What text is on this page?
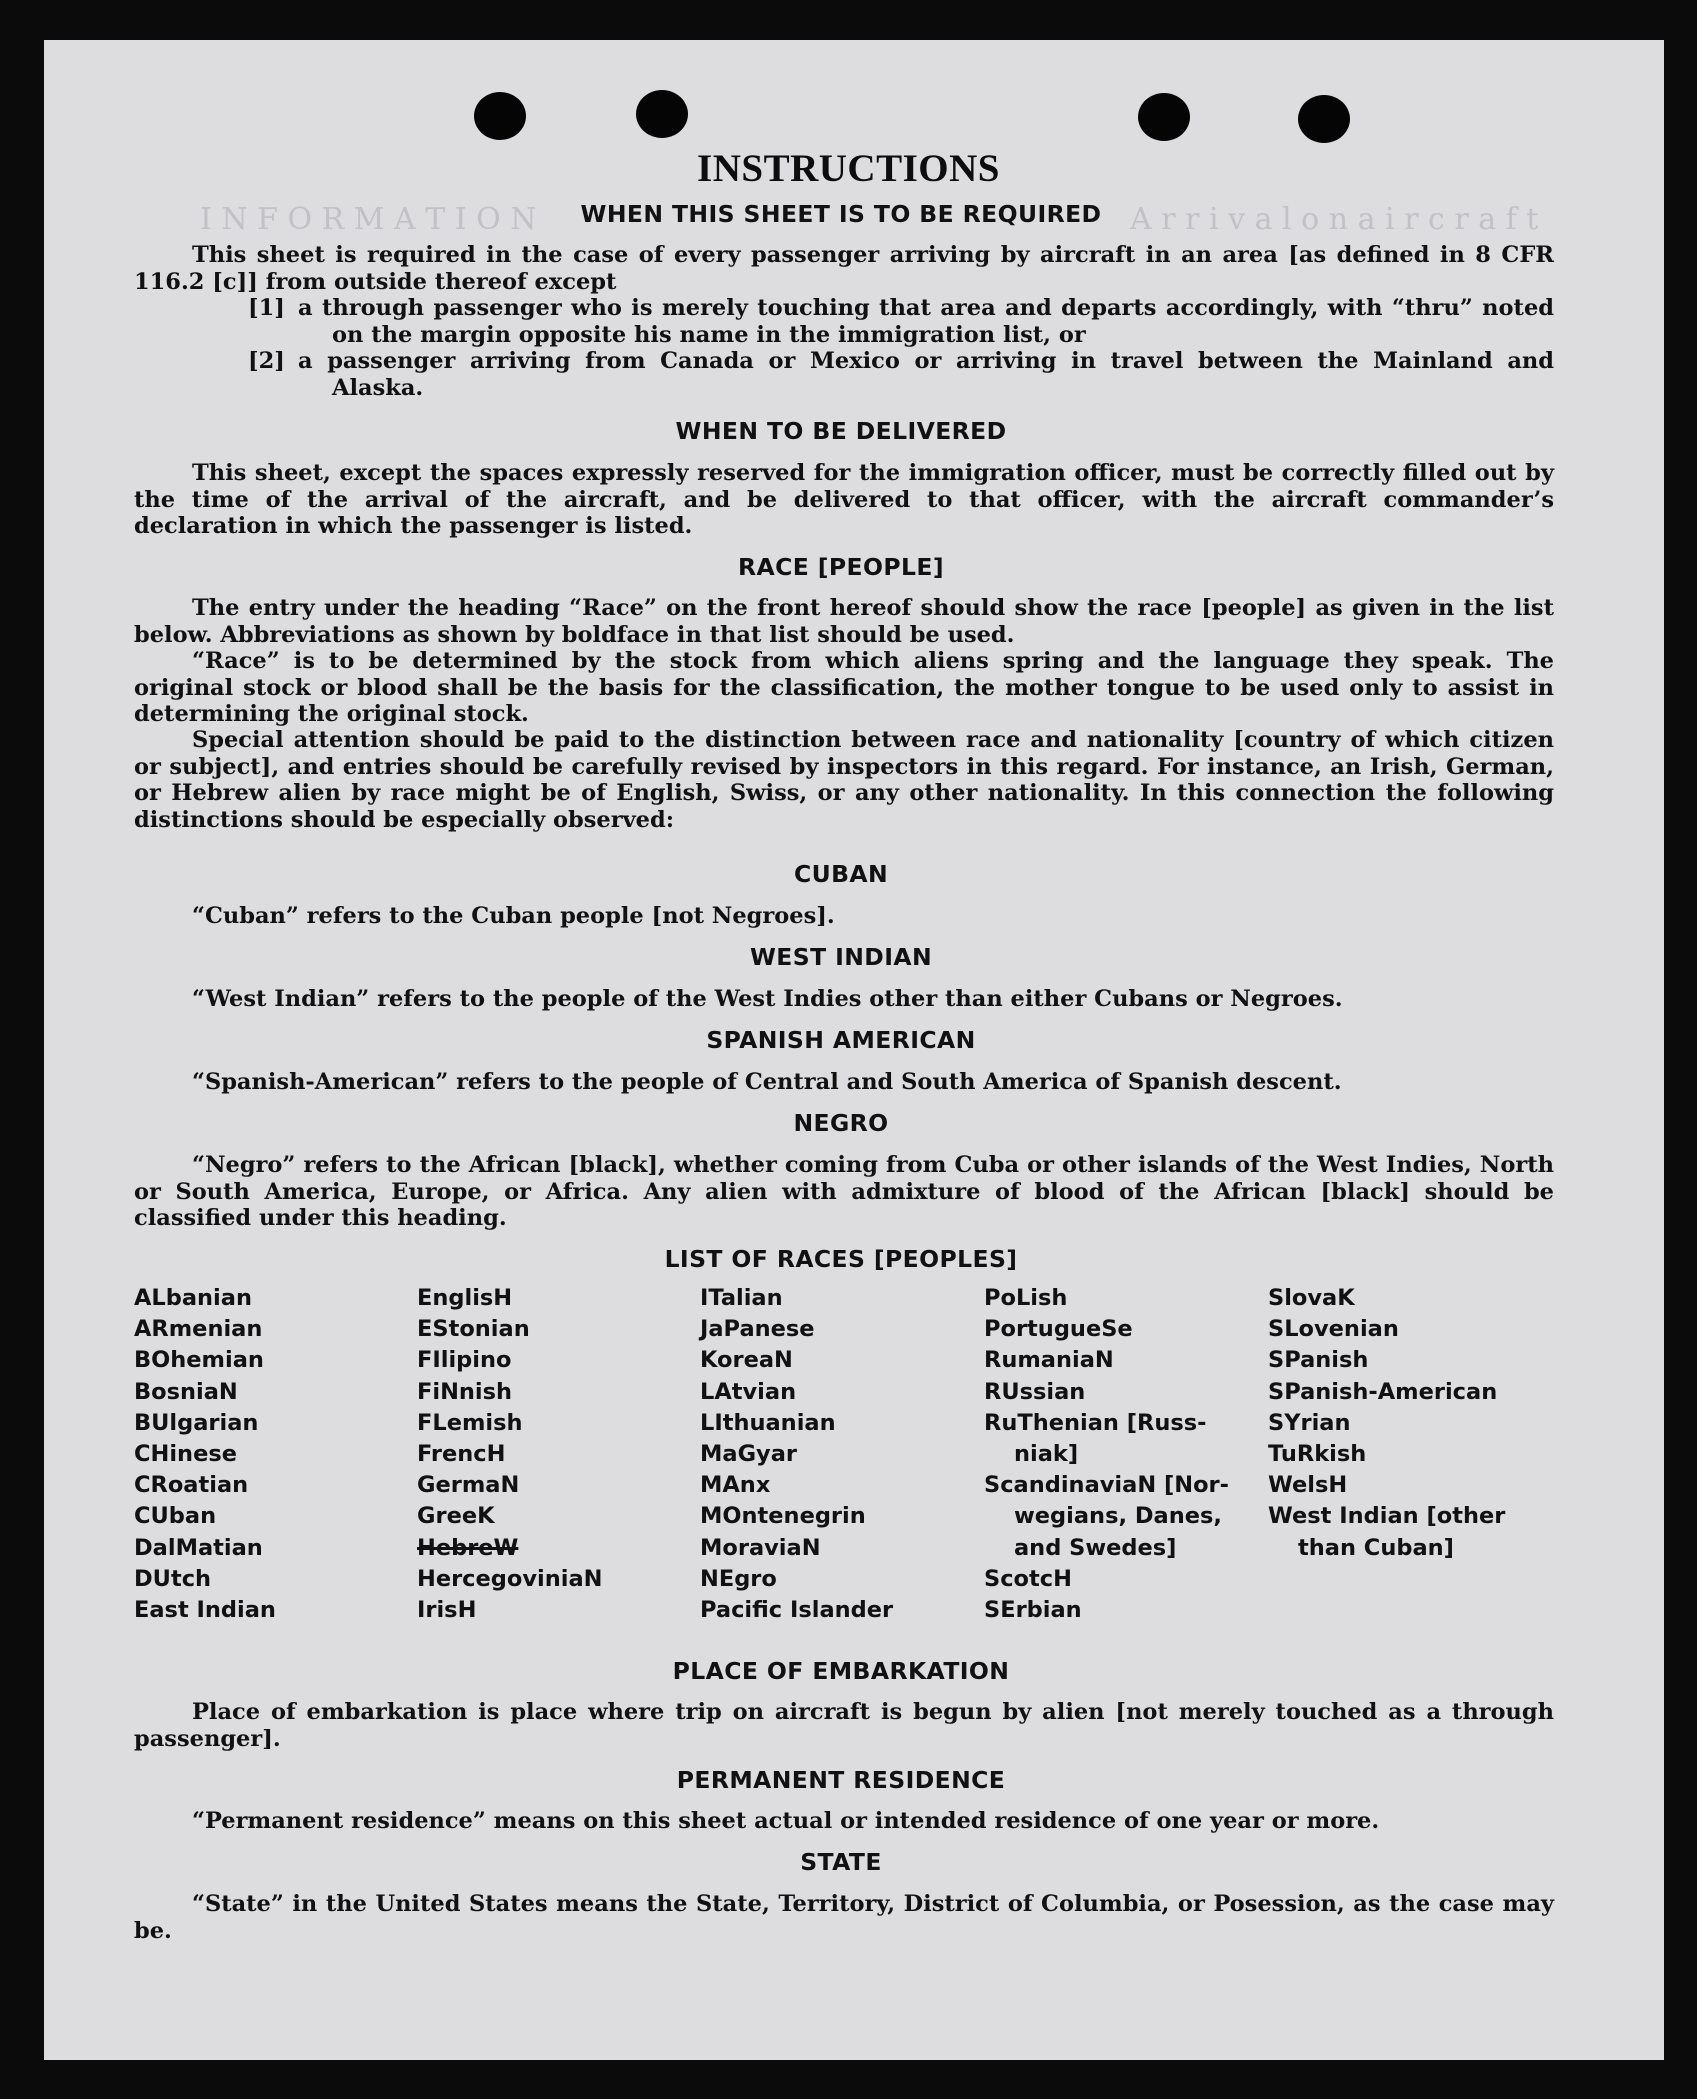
I N F O R M A T I O N	A r r i v a l o n a i r c r a f t
INSTRUCTIONS
WHEN THIS SHEET IS TO BE REQUIRED
This sheet is required in the case of every passenger arriving by aircraft in an area [as defined in 8 CFR 116.2 [c]] from outside thereof except
[1] a through passenger who is merely touching that area and departs accordingly, with “thru” noted on the margin opposite his name in the immigration list, or
[2] a passenger arriving from Canada or Mexico or arriving in travel between the Mainland and Alaska.
WHEN TO BE DELIVERED
This sheet, except the spaces expressly reserved for the immigration officer, must be correctly filled out by the time of the arrival of the aircraft, and be delivered to that officer, with the aircraft commander’s declaration in which the passenger is listed.
RACE [PEOPLE]
The entry under the heading “Race” on the front hereof should show the race [people] as given in the list below. Abbreviations as shown by boldface in that list should be used.
“Race” is to be determined by the stock from which aliens spring and the language they speak. The original stock or blood shall be the basis for the classification, the mother tongue to be used only to assist in determining the original stock.
Special attention should be paid to the distinction between race and nationality [country of which citizen or subject], and entries should be carefully revised by inspectors in this regard. For instance, an Irish, German, or Hebrew alien by race might be of English, Swiss, or any other nationality. In this connection the following distinctions should be especially observed:
CUBAN
“Cuban” refers to the Cuban people [not Negroes].
WEST INDIAN
“West Indian” refers to the people of the West Indies other than either Cubans or Negroes.
SPANISH AMERICAN
“Spanish-American” refers to the people of Central and South America of Spanish descent.
NEGRO
“Negro” refers to the African [black], whether coming from Cuba or other islands of the West Indies, North or South America, Europe, or Africa. Any alien with admixture of blood of the African [black] should be classified under this heading.
LIST OF RACES [PEOPLES]
ALbanian
ARmenian
BOhemian
BosniaN
BUlgarian
CHinese
CRoatian
CUban
DalMatian
DUtch
East Indian
EnglisH
EStonian
FIlipino
FiNnish
FLemish
FrencH
GermaN
GreeK
HebreW
HercegoviniaN
IrisH
ITalian
JaPanese
KoreaN
LAtvian
LIthuanian
MaGyar
MAnx
MOntenegrin
MoraviaN
NEgro
Pacific Islander
PoLish
PortugueSe
RumaniaN
RUssian
RuThenian [Russ-
niak]
ScandinaviaN [Nor-
wegians, Danes,
and Swedes]
ScotcH
SErbian
SlovaK
SLovenian
SPanish
SPanish-American
SYrian
TuRkish
WelsH
West Indian [other
than Cuban]
PLACE OF EMBARKATION
Place of embarkation is place where trip on aircraft is begun by alien [not merely touched as a through passenger].
PERMANENT RESIDENCE
“Permanent residence” means on this sheet actual or intended residence of one year or more.
STATE
“State” in the United States means the State, Territory, District of Columbia, or Posession, as the case may be.
